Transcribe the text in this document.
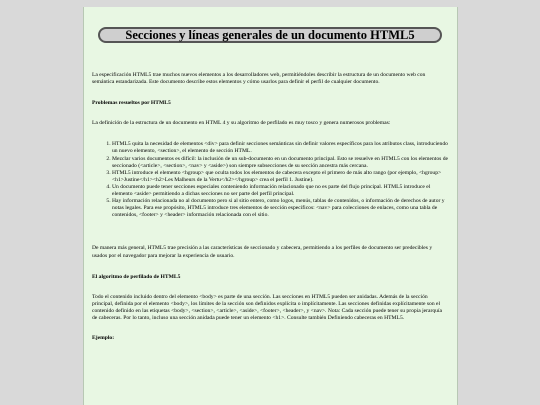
Secciones y líneas generales de un documento HTML5

La especificación HTML5 trae muchos nuevos elementos a los desarrolladores web, permitiéndoles describir la estructura de un documento web con semántica estandarizada. Este documento describe estos elementos y cómo usarlos para definir el perfil de cualquier documento.

Problemas resueltos por HTML5

La definición de la estructura de un documento en HTML 4 y su algoritmo de perfilado es muy tosco y genera numerosos problemas:

1. HTML5 quita la necesidad de elementos <div> para definir secciones semánticas sin definir valores específicos para los atributos class, introduciendo un nuevo elemento, <section>, el elemento de sección HTML.
2. Mezclar varios documentos es difícil: la inclusión de un sub-documento en un documento principal. Esto se resuelve en HTML5 con los elementos de seccionado (<article>, <section>, <nav> y <aside>) son siempre subsecciones de su sección ancestra más cercana.
3. HTML5 introduce el elemento <hgroup> que oculta todos los elementos de cabecera excepto el primero de más alto rango (por ejemplo, <hgroup><h1>Justine</h1><h2>Les Malheurs de la Vertu</h2></hgroup> crea el perfil 1. Justine).
4. Un documento puede tener secciones especiales conteniendo información relacionado que no es parte del flujo principal. HTML5 introduce el elemento <aside> permitiendo a dichas secciones no ser parte del perfil principal.
5. Hay información relacionada no al documento pero si al sitio entero, como logos, menús, tablas de contenidos, o información de derechos de autor y notas legales. Para ese propósito, HTML5 introduce tres elementos de sección específicos: <nav> para colecciones de enlaces, como una tabla de contenidos, <footer> y <header> información relacionada con el sitio.

De manera más general, HTML5 trae precisión a las características de seccionado y cabecera, permitiendo a los perfiles de documento ser predecibles y usados por el navegador para mejorar la experiencia de usuario.

El algoritmo de perfilado de HTML5

Todo el contenido incluido dentro del elemento <body> es parte de una sección. Las secciones en HTML5 pueden ser anidadas. Además de la sección principal, definida por el elemento <body>, los límites de la sección son definidos explícita o implícitamente. Las secciones definidas explícitamente son el contenido definido en las etiquetas <body>, <section>, <article>, <aside>, <footer>, <header>, y <nav>. Nota: Cada sección puede tener su propia jerarquía de cabeceras. Por lo tanto, incluso una sección anidada puede tener un elemento <h1>. Consulte también Definiendo cabeceras en HTML5.

Ejemplo:
